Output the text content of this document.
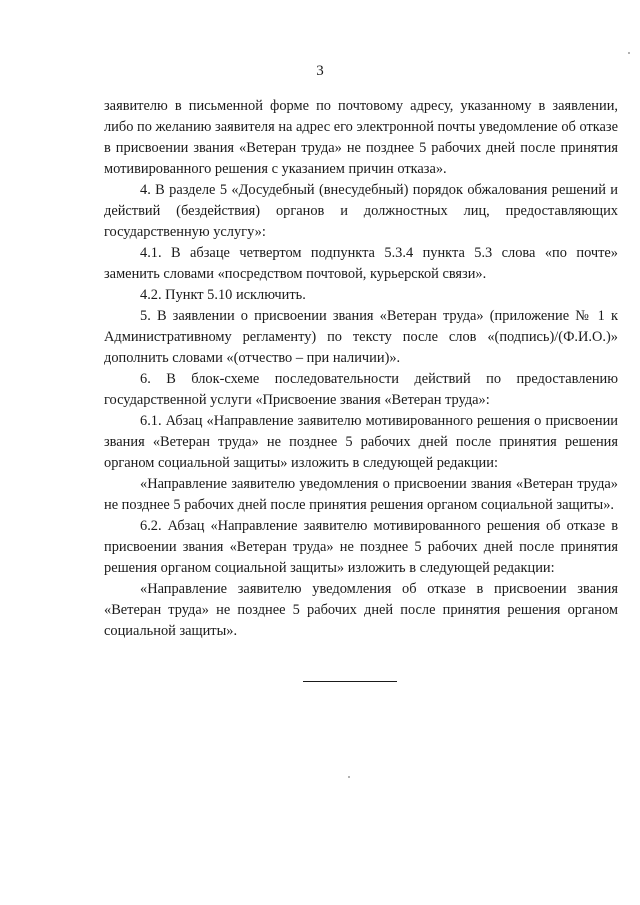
3

заявителю в письменной форме по почтовому адресу, указанному в заявлении, либо по желанию заявителя на адрес его электронной почты уведомление об отказе в присвоении звания «Ветеран труда» не позднее 5 рабочих дней после принятия мотивированного решения с указанием причин отказа».

4. В разделе 5 «Досудебный (внесудебный) порядок обжалования решений и действий (бездействия) органов и должностных лиц, предоставляющих государственную услугу»:

4.1. В абзаце четвертом подпункта 5.3.4 пункта 5.3 слова «по почте» заменить словами «посредством почтовой, курьерской связи».

4.2. Пункт 5.10 исключить.

5. В заявлении о присвоении звания «Ветеран труда» (приложение № 1 к Административному регламенту) по тексту после слов «(подпись)/(Ф.И.О.)» дополнить словами «(отчество – при наличии)».

6. В блок-схеме последовательности действий по предоставлению государственной услуги «Присвоение звания «Ветеран труда»:

6.1. Абзац «Направление заявителю мотивированного решения о присвоении звания «Ветеран труда» не позднее 5 рабочих дней после принятия решения органом социальной защиты» изложить в следующей редакции:

«Направление заявителю уведомления о присвоении звания «Ветеран труда» не позднее 5 рабочих дней после принятия решения органом социальной защиты».

6.2. Абзац «Направление заявителю мотивированного решения об отказе в присвоении звания «Ветеран труда» не позднее 5 рабочих дней после принятия решения органом социальной защиты» изложить в следующей редакции:

«Направление заявителю уведомления об отказе в присвоении звания «Ветеран труда» не позднее 5 рабочих дней после принятия решения органом социальной защиты».
